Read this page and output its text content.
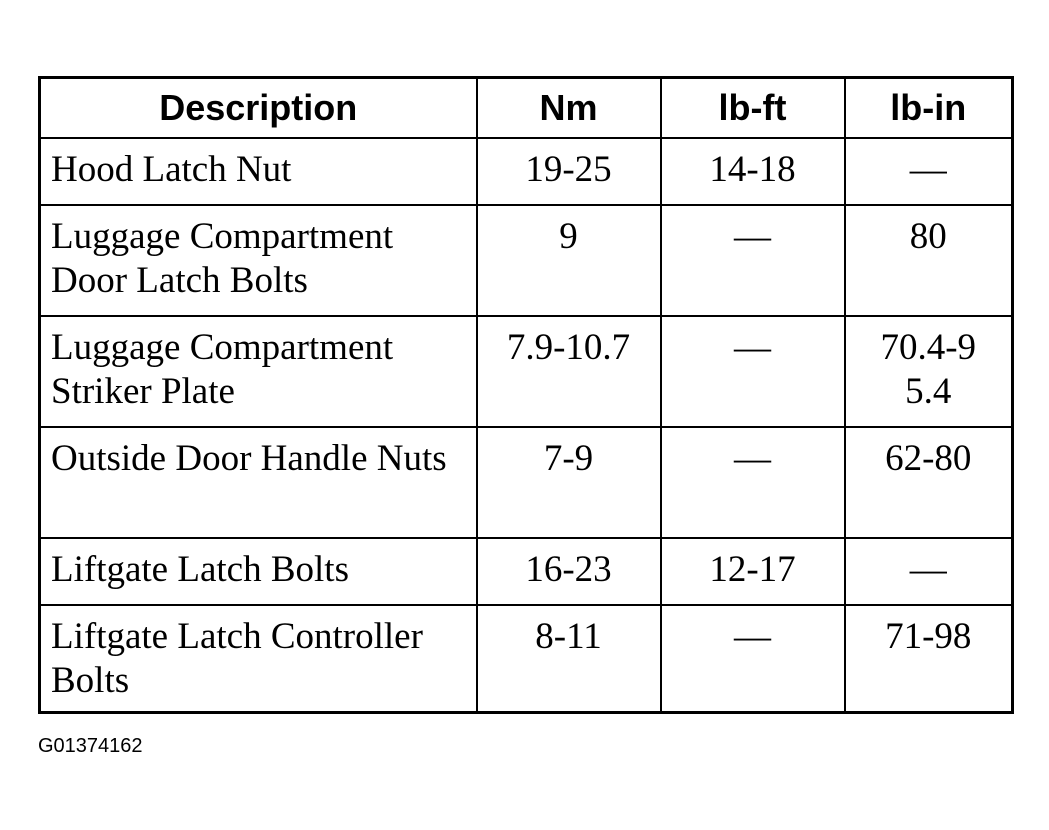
Description	Nm	lb-ft	lb-in
Hood Latch Nut	19-25	14-18	—
Luggage Compartment Door Latch Bolts	9	—	80
Luggage Compartment Striker Plate	7.9-10.7	—	70.4-95.4
Outside Door Handle Nuts	7-9	—	62-80
Liftgate Latch Bolts	16-23	12-17	—
Liftgate Latch Controller Bolts	8-11	—	71-98
G01374162
